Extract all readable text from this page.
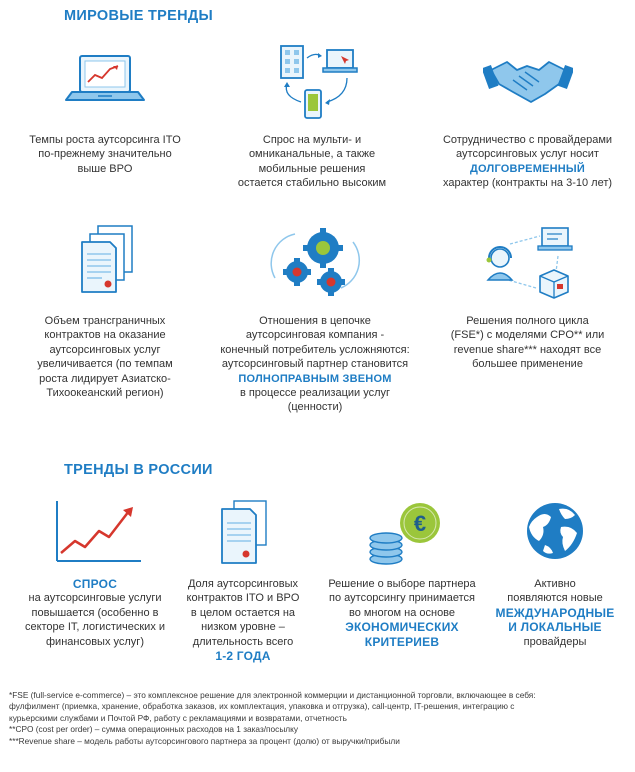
МИРОВЫЕ ТРЕНДЫ
Темпы роста аутсорсинга ITO
по-прежнему значительно
выше BPO
Спрос на мульти- и
омниканальные, а также
мобильные решения
остается стабильно высоким
Сотрудничество с провайдерами
аутсорсинговых услуг носит
ДОЛГОВРЕМЕННЫЙ
характер (контракты на 3-10 лет)
Объем трансграничных
контрактов на оказание
аутсорсинговых услуг
увеличивается (по темпам
роста лидирует Азиатско-
Тихоокеанский регион)
Отношения в цепочке
аутсорсинговая компания -
конечный потребитель усложняются:
аутсорсинговый партнер становится
ПОЛНОПРАВНЫМ ЗВЕНОМ
в процессе реализации услуг
(ценности)
Решения полного цикла
(FSE*) с моделями CPO** или
revenue share*** находят все
большее применение
ТРЕНДЫ В РОССИИ
СПРОС
на аутсорсинговые услуги
повышается (особенно в
секторе IT, логистических и
финансовых услуг)
Доля аутсорсинговых
контрактов ITO и BPO
в целом остается на
низком уровне –
длительность всего
1-2 ГОДА
€
Решение о выборе партнера
по аутсорсингу принимается
во многом на основе
ЭКОНОМИЧЕСКИХ
КРИТЕРИЕВ
Активно
появляются новые
МЕЖДУНАРОДНЫЕ
И ЛОКАЛЬНЫЕ
провайдеры
*FSE (full-service e-commerce) – это комплексное решение для электронной коммерции и дистанционной торговли, включающее в себя:
фулфилмент (приемка, хранение, обработка заказов, их комплектация, упаковка и отгрузка), call-центр, IT-решения, интеграцию с
курьерскими службами и Почтой РФ, работу с рекламациями и возвратами, отчетность
**CPO (cost per order) – сумма операционных расходов на 1 заказ/посылку
***Revenue share – модель работы аутсорсингового партнера за процент (долю) от выручки/прибыли
